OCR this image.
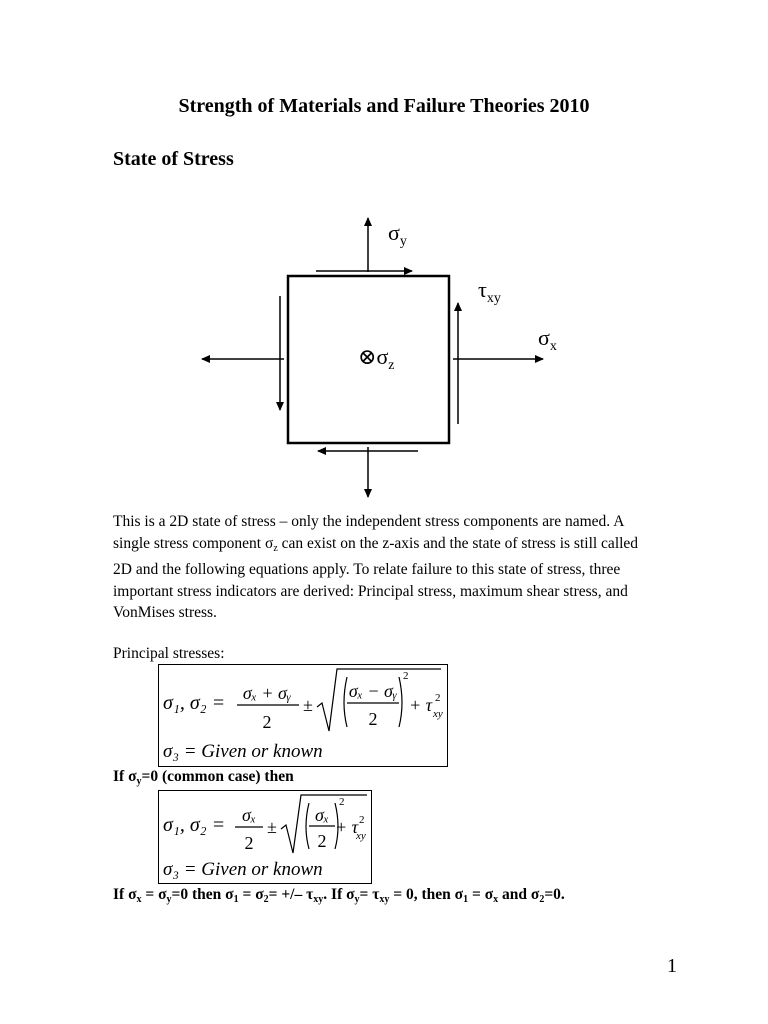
Strength of Materials and Failure Theories 2010
State of Stress
$\sigma_y$
$\tau_{xy}$
$\sigma_x$
$\otimes\sigma_z$
This is a 2D state of stress – only the independent stress components are named. A single stress component $\sigma_z$ can exist on the z-axis and the state of stress is still called 2D and the following equations apply. To relate failure to this state of stress, three important stress indicators are derived: Principal stress, maximum shear stress, and VonMises stress.
Principal stresses:
σ₁, σ₂ = σₓ + σᵧ
2
±
σₓ − σᵧ
2
2
+ τ 2
xy
σ₃ = Given or known
If $\sigma_y=0$ (common case) then
σ₁, σ₂ = σₓ
2
±
σₓ
2
2
+ τ 2
xy
σ₃ = Given or known
If $\sigma_x = \sigma_y=0$ then $\sigma_1 = \sigma_2=$ +/– $\tau_{xy}$. If $\sigma_y= \tau_{xy} = 0$, then $\sigma_1 = \sigma_x$ and $\sigma_2=0$.
1
